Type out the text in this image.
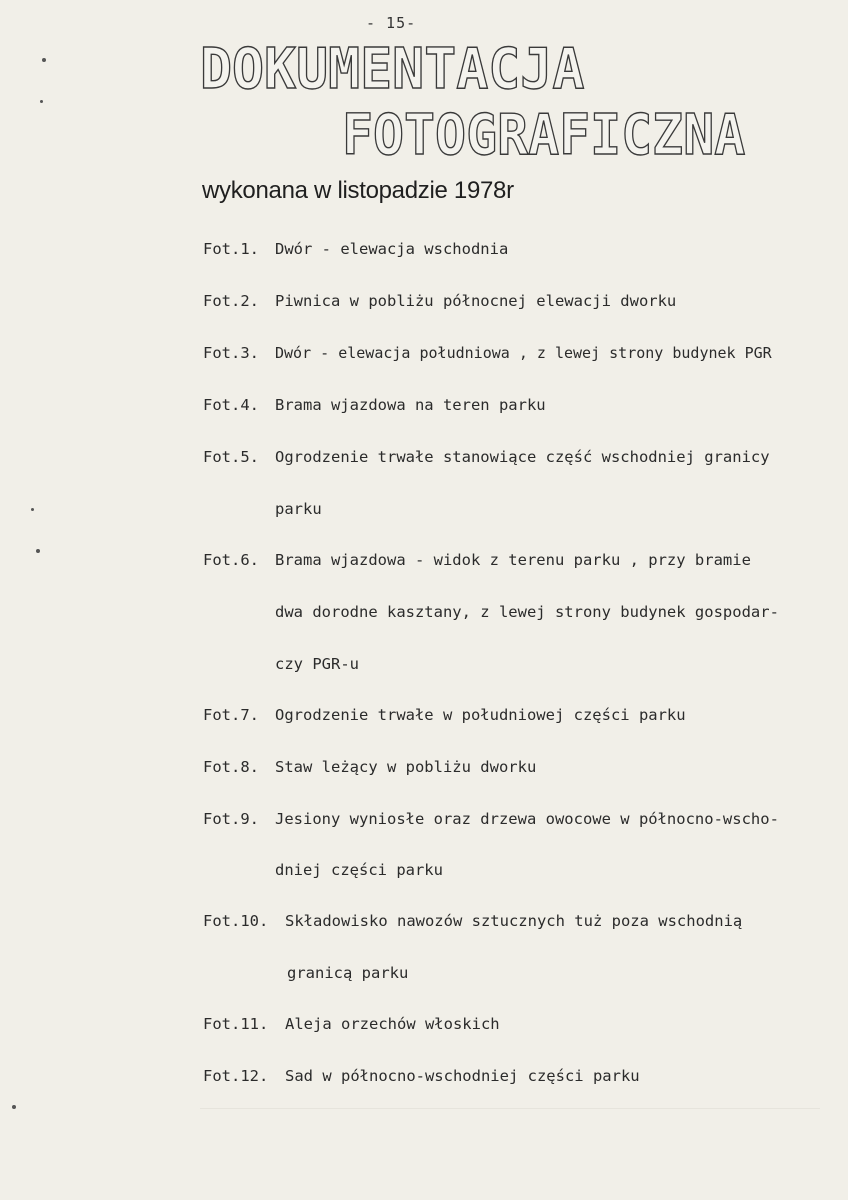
- 15-
DOKUMENTACJA
FOTOGRAFICZNA
wykonana w listopadzie 1978r
Fot.1. Dwór - elewacja wschodnia
Fot.2. Piwnica w pobliżu północnej elewacji dworku
Fot.3. Dwór - elewacja południowa , z lewej strony budynek PGR
Fot.4. Brama wjazdowa na teren parku
Fot.5. Ogrodzenie trwałe stanowiące część wschodniej granicy
parku
Fot.6. Brama wjazdowa - widok z terenu parku , przy bramie
dwa dorodne kasztany, z lewej strony budynek gospodar-
czy PGR-u
Fot.7. Ogrodzenie trwałe w południowej części parku
Fot.8. Staw leżący w pobliżu dworku
Fot.9. Jesiony wyniosłe oraz drzewa owocowe w północno-wscho-
dniej części parku
Fot.10. Składowisko nawozów sztucznych tuż poza wschodnią
granicą parku
Fot.11. Aleja orzechów włoskich
Fot.12. Sad w północno-wschodniej części parku
